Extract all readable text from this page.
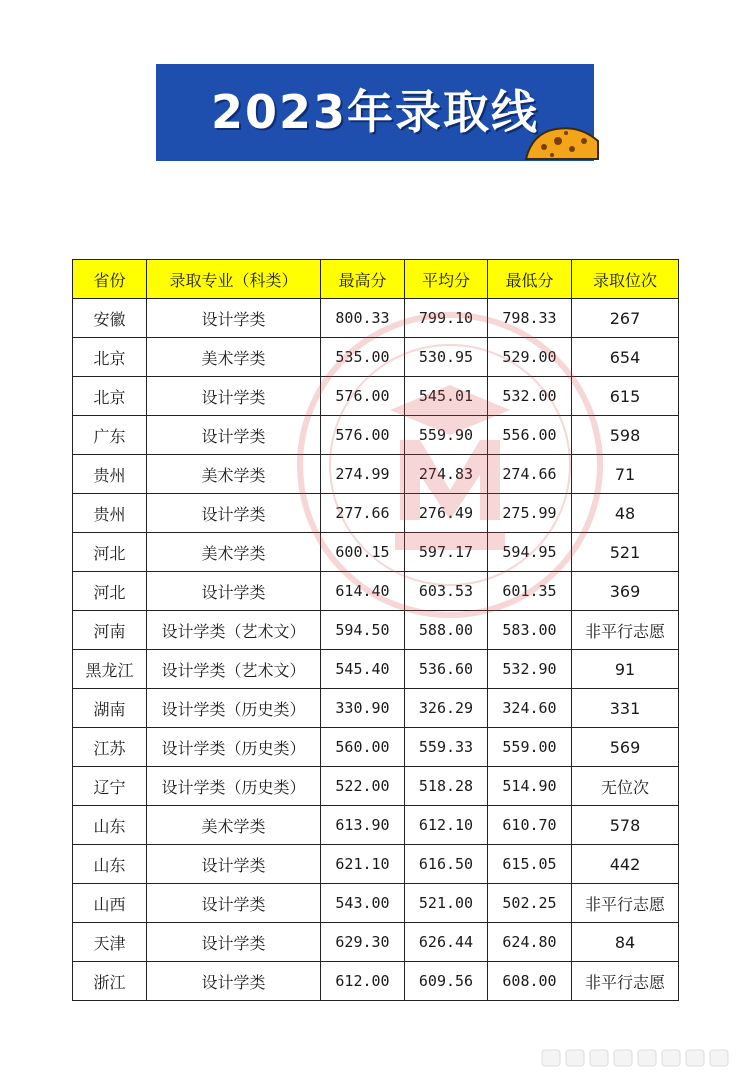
2023年录取线
省份	录取专业（科类）	最高分	平均分	最低分	录取位次
安徽	设计学类	800.33	799.10	798.33	267
北京	美术学类	535.00	530.95	529.00	654
北京	设计学类	576.00	545.01	532.00	615
广东	设计学类	576.00	559.90	556.00	598
贵州	美术学类	274.99	274.83	274.66	71
贵州	设计学类	277.66	276.49	275.99	48
河北	美术学类	600.15	597.17	594.95	521
河北	设计学类	614.40	603.53	601.35	369
河南	设计学类（艺术文）	594.50	588.00	583.00	非平行志愿
黑龙江	设计学类（艺术文）	545.40	536.60	532.90	91
湖南	设计学类（历史类）	330.90	326.29	324.60	331
江苏	设计学类（历史类）	560.00	559.33	559.00	569
辽宁	设计学类（历史类）	522.00	518.28	514.90	无位次
山东	美术学类	613.90	612.10	610.70	578
山东	设计学类	621.10	616.50	615.05	442
山西	设计学类	543.00	521.00	502.25	非平行志愿
天津	设计学类	629.30	626.44	624.80	84
浙江	设计学类	612.00	609.56	608.00	非平行志愿
